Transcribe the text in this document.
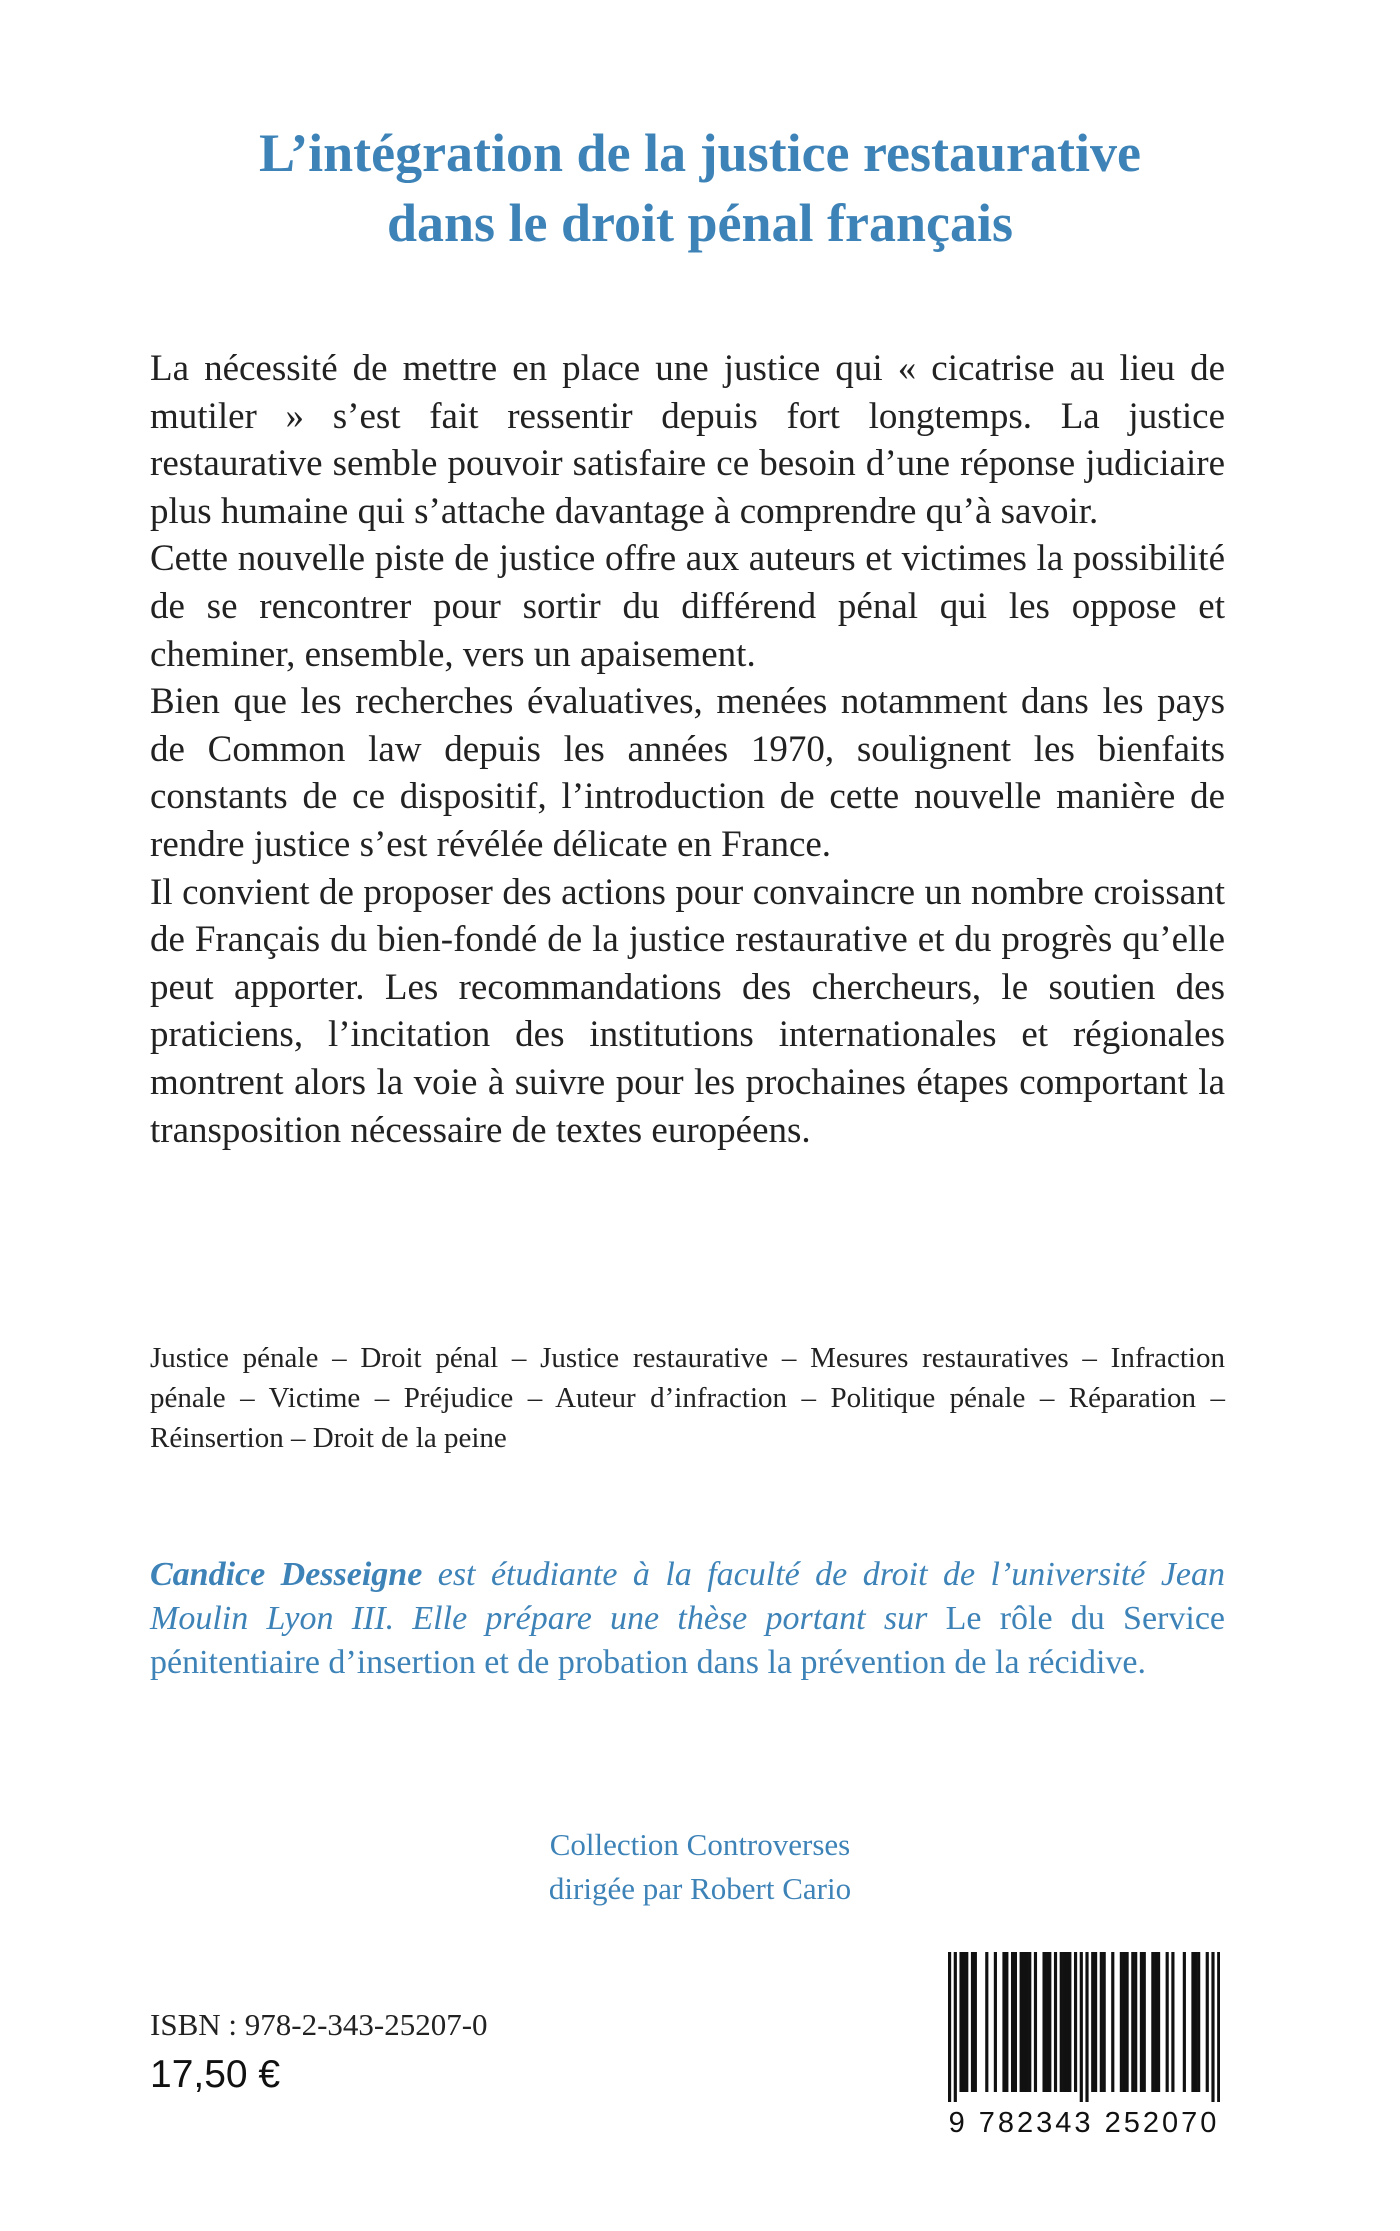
L’intégration de la justice restaurative
dans le droit pénal français

La nécessité de mettre en place une justice qui « cicatrise au lieu de mutiler » s’est fait ressentir depuis fort longtemps. La justice restaurative semble pouvoir satisfaire ce besoin d’une réponse judiciaire plus humaine qui s’attache davantage à comprendre qu’à savoir.

Cette nouvelle piste de justice offre aux auteurs et victimes la possibilité de se rencontrer pour sortir du différend pénal qui les oppose et cheminer, ensemble, vers un apaisement.

Bien que les recherches évaluatives, menées notamment dans les pays de Common law depuis les années 1970, soulignent les bienfaits constants de ce dispositif, l’introduction de cette nouvelle manière de rendre justice s’est révélée délicate en France.

Il convient de proposer des actions pour convaincre un nombre croissant de Français du bien-fondé de la justice restaurative et du progrès qu’elle peut apporter. Les recommandations des chercheurs, le soutien des praticiens, l’incitation des institutions internationales et régionales montrent alors la voie à suivre pour les prochaines étapes comportant la transposition nécessaire de textes européens.

Justice pénale – Droit pénal – Justice restaurative – Mesures restauratives – Infraction pénale – Victime – Préjudice – Auteur d’infraction – Politique pénale – Réparation – Réinsertion – Droit de la peine
Candice Desseigne est étudiante à la faculté de droit de l’université Jean Moulin Lyon III. Elle prépare une thèse portant sur Le rôle du Service pénitentiaire d’insertion et de probation dans la prévention de la récidive.
Collection Controverses
dirigée par Robert Cario
ISBN : 978-2-343-25207-0
17,50 €
9 782343 252070
